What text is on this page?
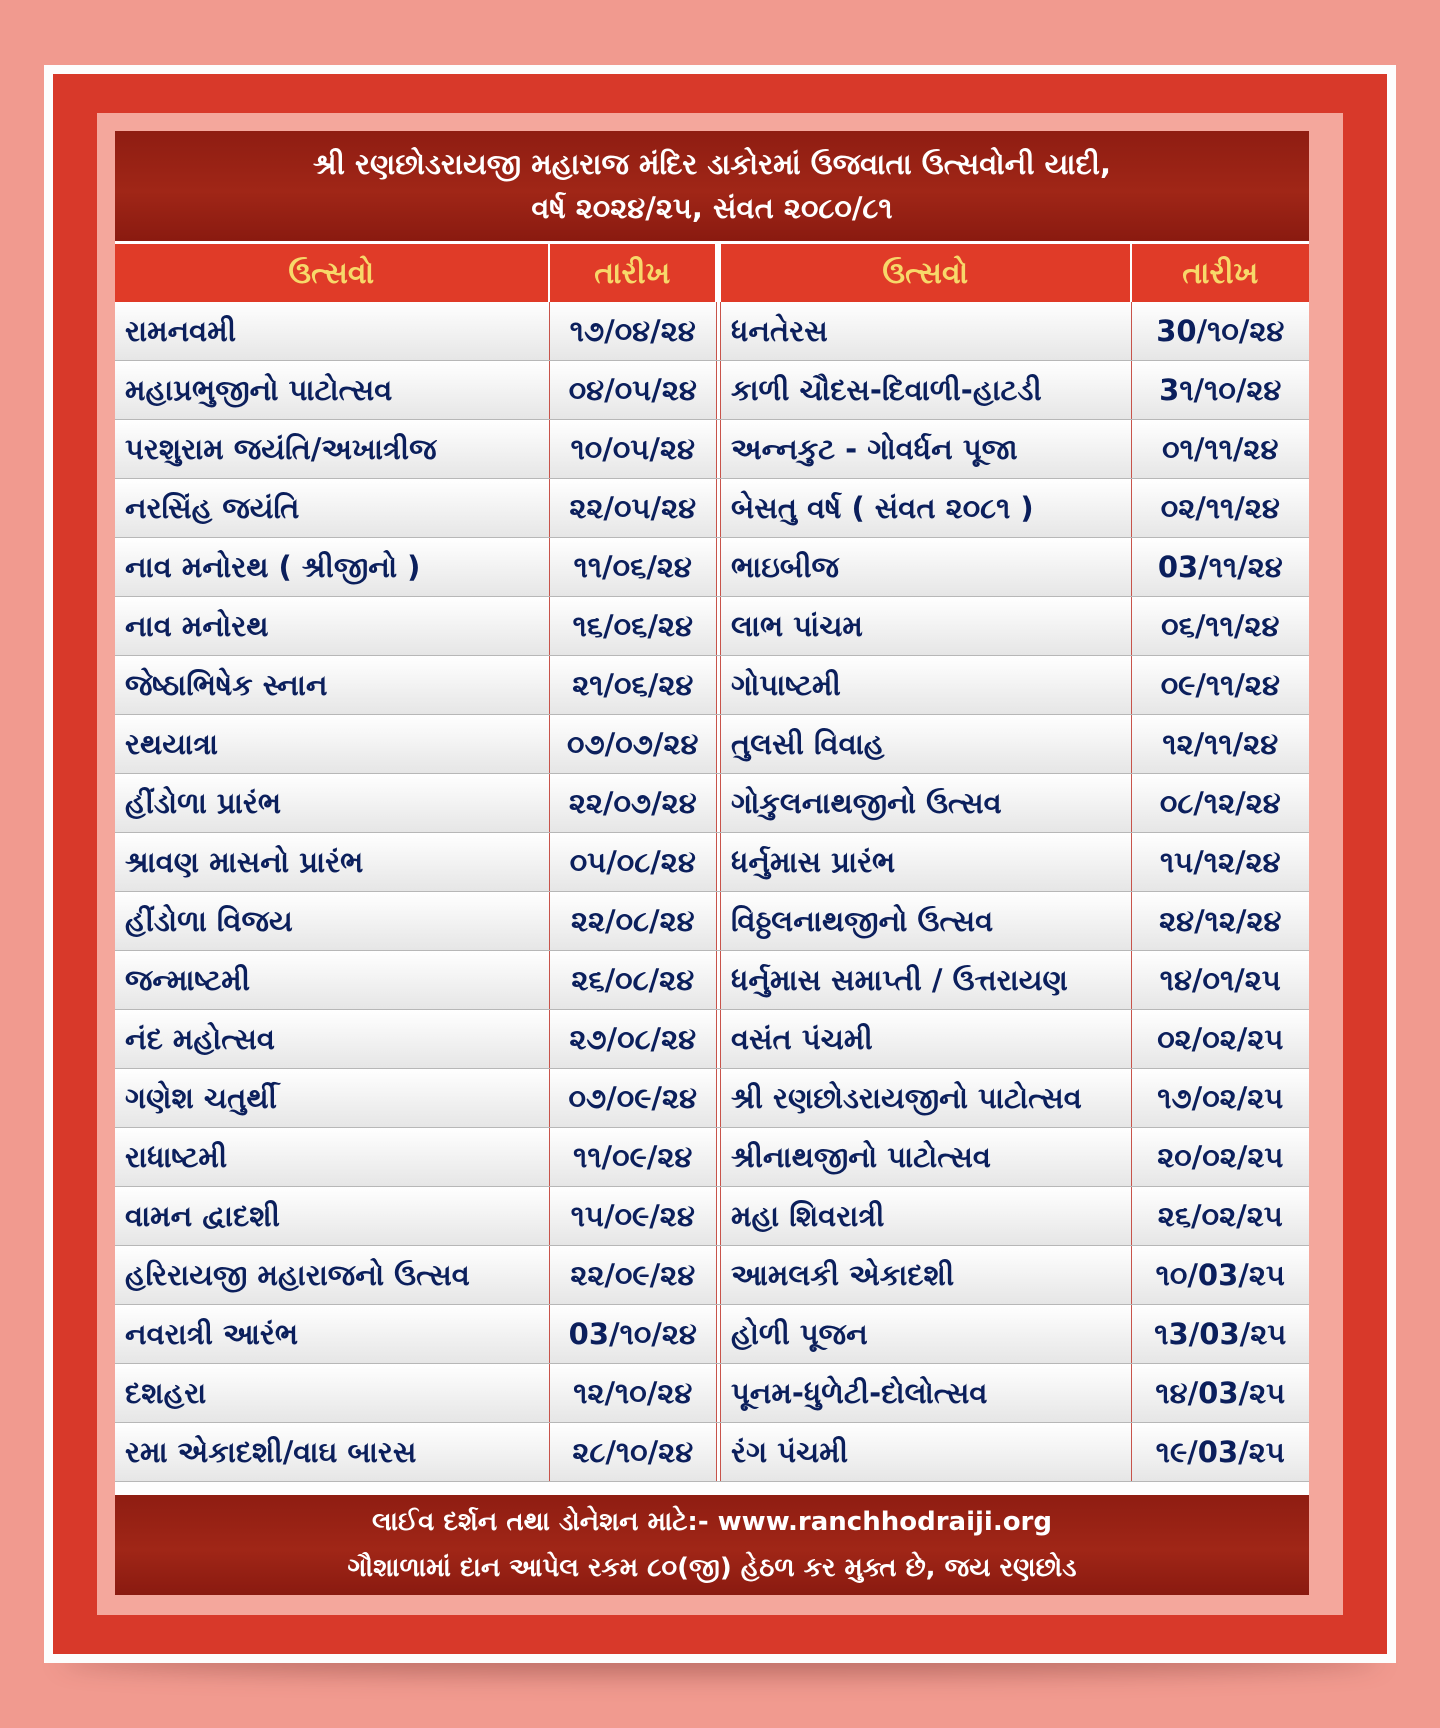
શ્રી રણછોડરાયજી મહારાજ મંદિર ડાકોરમાં ઉજવાતા ઉત્સવોની યાદી,
વર્ષ ૨૦૨૪/૨૫, સંવત ૨૦૮૦/૮૧
ઉત્સવો	તારીખ	ઉત્સવો	તારીખ
રામનવમી	૧૭/૦૪/૨૪	ધનતેરસ	30/૧૦/૨૪
મહાપ્રભુજીનો પાટોત્સવ	૦૪/૦૫/૨૪	કાળી ચૌદસ-દિવાળી-હાટડી	3૧/૧૦/૨૪
પરશુરામ જયંતિ/અખાત્રીજ	૧૦/૦૫/૨૪	અન્નકુટ - ગોવર્ધન પૂજા	૦૧/૧૧/૨૪
નરસિંહ જયંતિ	૨૨/૦૫/૨૪	બેસતુ વર્ષ ( સંવત ૨૦૮૧ )	૦૨/૧૧/૨૪
નાવ મનોરથ ( શ્રીજીનો )	૧૧/૦૬/૨૪	ભાઇબીજ	03/૧૧/૨૪
નાવ મનોરથ	૧૬/૦૬/૨૪	લાભ પાંચમ	૦૬/૧૧/૨૪
જેષ્ઠાભિષેક સ્નાન	૨૧/૦૬/૨૪	ગોપાષ્ટમી	૦૯/૧૧/૨૪
રથયાત્રા	૦૭/૦૭/૨૪	તુલસી વિવાહ	૧૨/૧૧/૨૪
હીંડોળા પ્રારંભ	૨૨/૦૭/૨૪	ગોકુલનાથજીનો ઉત્સવ	૦૮/૧૨/૨૪
શ્રાવણ માસનો પ્રારંભ	૦૫/૦૮/૨૪	ધર્નુમાસ પ્રારંભ	૧૫/૧૨/૨૪
હીંડોળા વિજય	૨૨/૦૮/૨૪	વિઠ્ઠલનાથજીનો ઉત્સવ	૨૪/૧૨/૨૪
જન્માષ્ટમી	૨૬/૦૮/૨૪	ધર્નુમાસ સમાપ્તી / ઉત્તરાયણ	૧૪/૦૧/૨૫
નંદ મહોત્સવ	૨૭/૦૮/૨૪	વસંત પંચમી	૦૨/૦૨/૨૫
ગણેશ ચતુર્થી	૦૭/૦૯/૨૪	શ્રી રણછોડરાયજીનો પાટોત્સવ	૧૭/૦૨/૨૫
રાધાષ્ટમી	૧૧/૦૯/૨૪	શ્રીનાથજીનો પાટોત્સવ	૨૦/૦૨/૨૫
વામન દ્વાદશી	૧૫/૦૯/૨૪	મહા શિવરાત્રી	૨૬/૦૨/૨૫
હરિરાયજી મહારાજનો ઉત્સવ	૨૨/૦૯/૨૪	આમલકી એકાદશી	૧૦/03/૨૫
નવરાત્રી આરંભ	03/૧૦/૨૪	હોળી પૂજન	૧3/03/૨૫
દશહરા	૧૨/૧૦/૨૪	પૂનમ-ધુળેટી-દોલોત્સવ	૧૪/03/૨૫
રમા એકાદશી/વાઘ બારસ	૨૮/૧૦/૨૪	રંગ પંચમી	૧૯/03/૨૫
લાઈવ દર્શન તથા ડોનેશન માટે:- www.ranchhodraiji.org
ગૌશાળામાં દાન આપેલ રકમ ૮૦(જી) હેઠળ કર મુક્ત છે, જય રણછોડ
